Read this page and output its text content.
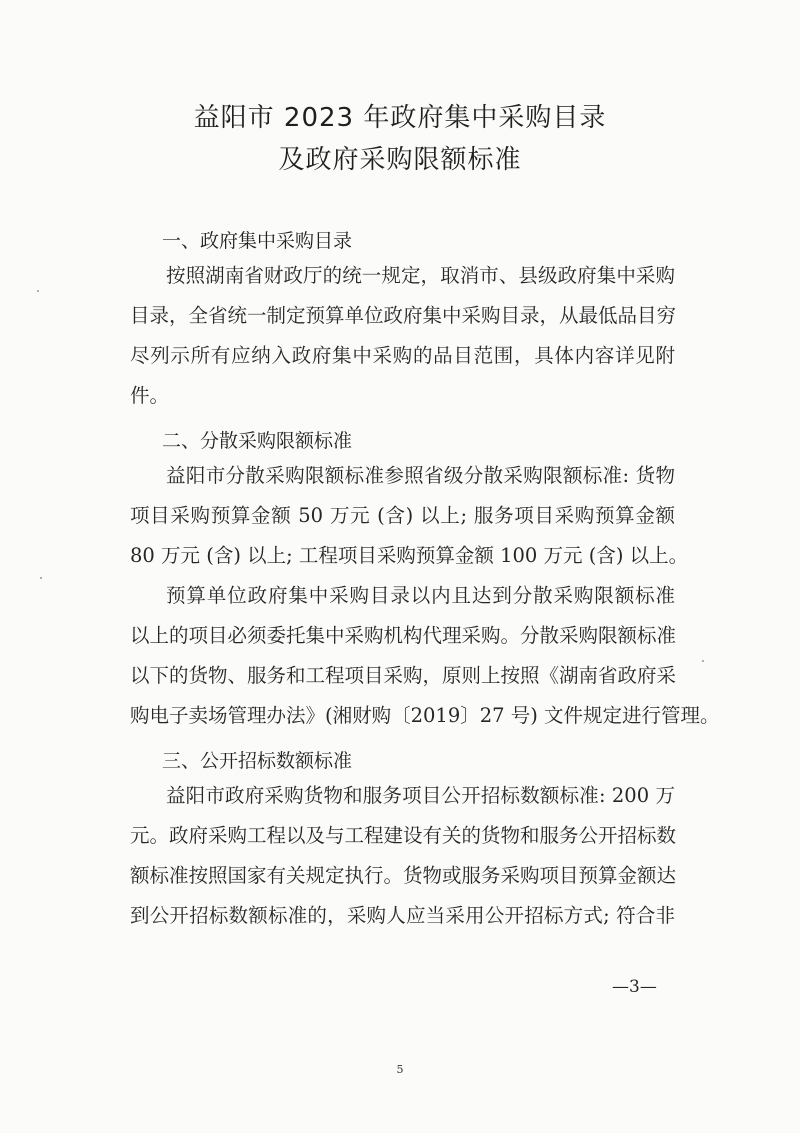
益阳市 2023 年政府集中采购目录
及政府采购限额标准
一、政府集中采购目录
按照湖南省财政厅的统一规定，取消市、县级政府集中采购
目录，全省统一制定预算单位政府集中采购目录，从最低品目穷
尽列示所有应纳入政府集中采购的品目范围，具体内容详见附
件。
二、分散采购限额标准
益阳市分散采购限额标准参照省级分散采购限额标准: 货物
项目采购预算金额 50 万元 (含) 以上; 服务项目采购预算金额
80 万元 (含) 以上; 工程项目采购预算金额 100 万元 (含) 以上。
预算单位政府集中采购目录以内且达到分散采购限额标准
以上的项目必须委托集中采购机构代理采购。分散采购限额标准
以下的货物、服务和工程项目采购，原则上按照《湖南省政府采
购电子卖场管理办法》(湘财购〔2019〕27 号) 文件规定进行管理。
三、公开招标数额标准
益阳市政府采购货物和服务项目公开招标数额标准: 200 万
元。政府采购工程以及与工程建设有关的货物和服务公开招标数
额标准按照国家有关规定执行。货物或服务采购项目预算金额达
到公开招标数额标准的，采购人应当采用公开招标方式; 符合非
—3—
5
